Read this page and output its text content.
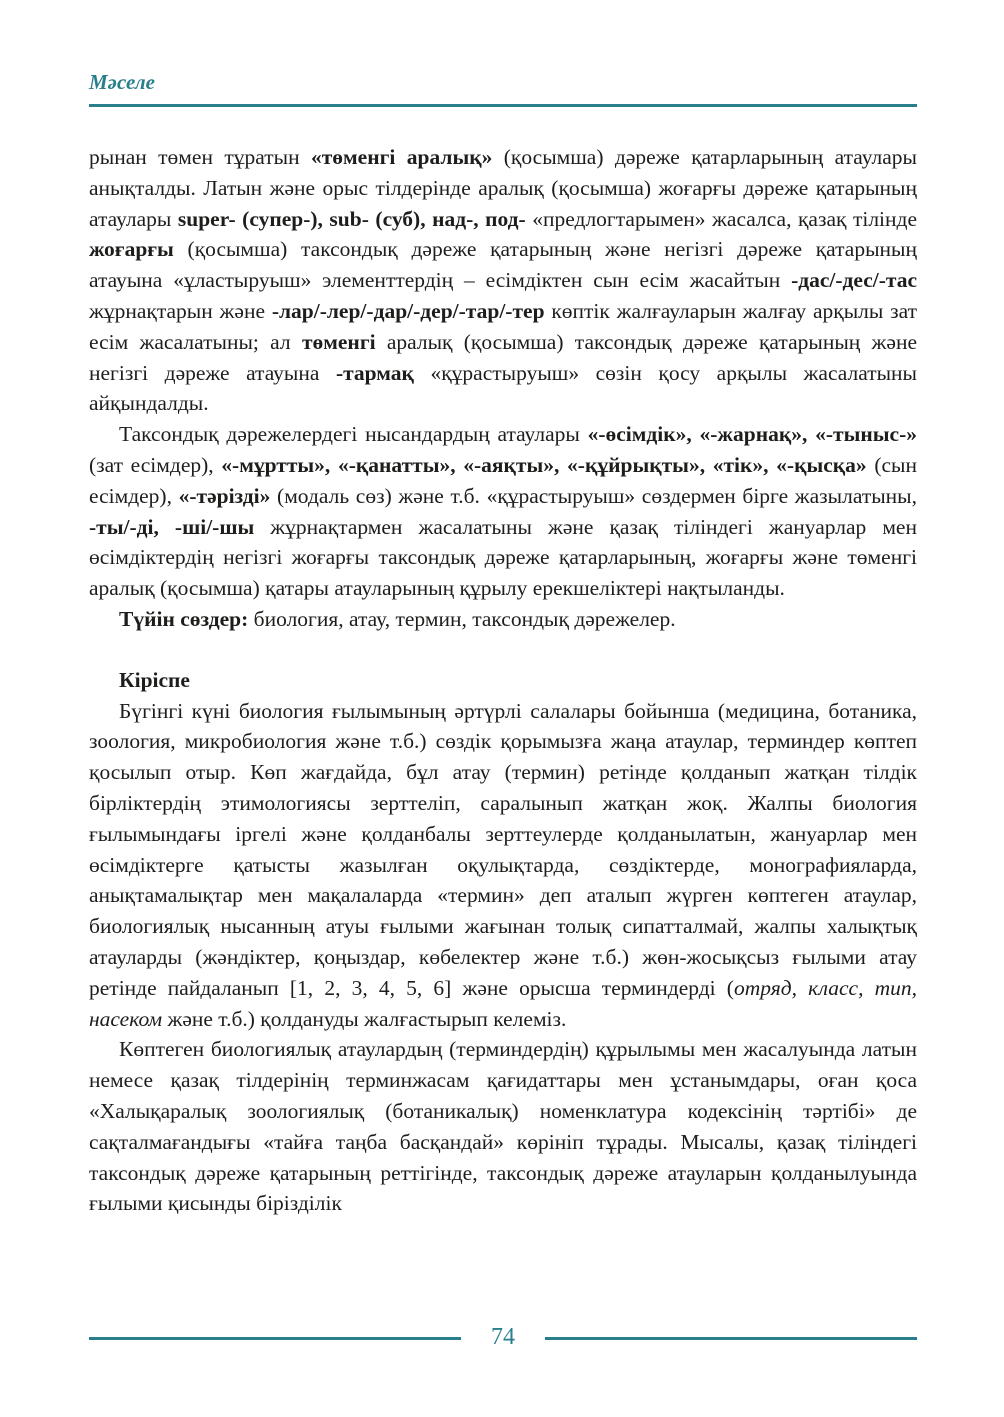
Мәселе

рынан төмен тұратын «төменгі аралық» (қосымша) дәреже қатарларының атаулары анықталды. Латын және орыс тілдерінде аралық (қосымша) жоғарғы дәреже қатарының атаулары super- (супер-), sub- (суб), над-, под- «предлогтарымен» жасалса, қазақ тілінде жоғарғы (қосымша) таксондық дәреже қатарының және негізгі дәреже қатарының атауына «ұластыруыш» элементтердің – есімдіктен сын есім жасайтын -дас/-дес/-тас жұрнақтарын және -лар/-лер/-дар/-дер/-тар/-тер көптік жалғауларын жалғау арқылы зат есім жасалатыны; ал төменгі аралық (қосымша) таксондық дәреже қатарының және негізгі дәреже атауына -тармақ «құрастыруыш» сөзін қосу арқылы жасалатыны айқындалды.

Таксондық дәрежелердегі нысандардың атаулары «-өсімдік», «-жарнақ», «-тыныс-» (зат есімдер), «-мұртты», «-қанатты», «-аяқты», «-құйрықты», «тік», «-қысқа» (сын есімдер), «-тәрізді» (модаль сөз) және т.б. «құрастыруыш» сөздермен бірге жазылатыны, -ты/-ді, -ші/-шы жұрнақтармен жасалатыны және қазақ тіліндегі жануарлар мен өсімдіктердің негізгі жоғарғы таксондық дәреже қатарларының, жоғарғы және төменгі аралық (қосымша) қатары атауларының құрылу ерекшеліктері нақтыланды.

Түйін сөздер: биология, атау, термин, таксондық дәрежелер.

Кіріспе

Бүгінгі күні биология ғылымының әртүрлі салалары бойынша (медицина, ботаника, зоология, микробиология және т.б.) сөздік қорымызға жаңа атаулар, терминдер көптеп қосылып отыр. Көп жағдайда, бұл атау (термин) ретінде қолданып жатқан тілдік бірліктердің этимологиясы зерттеліп, саралынып жатқан жоқ. Жалпы биология ғылымындағы іргелі және қолданбалы зерттеулерде қолданылатын, жануарлар мен өсімдіктерге қатысты жазылған оқулықтарда, сөздіктерде, монографияларда, анықтамалықтар мен мақалаларда «термин» деп аталып жүрген көптеген атаулар, биологиялық нысанның атуы ғылыми жағынан толық сипатталмай, жалпы халықтық атауларды (жәндіктер, қоңыздар, көбелектер және т.б.) жөн-жосықсыз ғылыми атау ретінде пайдаланып [1, 2, 3, 4, 5, 6] және орысша терминдерді (отряд, класс, тип, насеком және т.б.) қолдануды жалғастырып келеміз.

Көптеген биологиялық атаулардың (терминдердің) құрылымы мен жасалуында латын немесе қазақ тілдерінің терминжасам қағидаттары мен ұстанымдары, оған қоса «Халықаралық зоологиялық (ботаникалық) номенклатура кодексінің тәртібі» де сақталмағандығы «тайға таңба басқандай» көрініп тұрады. Мысалы, қазақ тіліндегі таксондық дәреже қатарының реттігінде, таксондық дәреже атауларын қолданылуында ғылыми қисынды бірізділік

74
